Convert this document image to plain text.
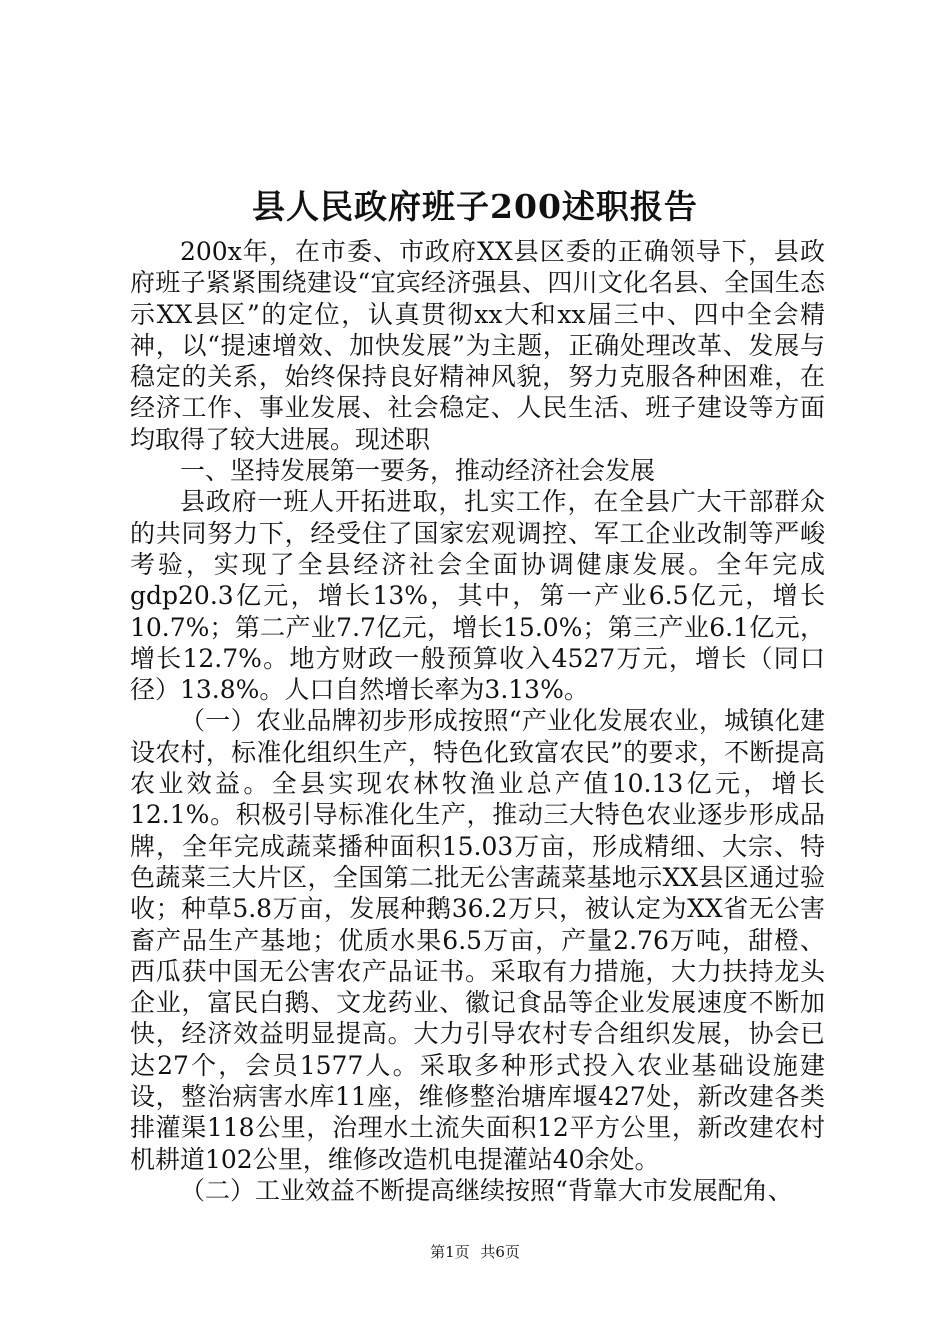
县人民政府班子200述职报告

200x年，在市委、市政府XX县区委的正确领导下，县政府班子紧紧围绕建设“宜宾经济强县、四川文化名县、全国生态示XX县区”的定位，认真贯彻xx大和xx届三中、四中全会精神，以“提速增效、加快发展”为主题，正确处理改革、发展与稳定的关系，始终保持良好精神风貌，努力克服各种困难，在经济工作、事业发展、社会稳定、人民生活、班子建设等方面均取得了较大进展。现述职

一、坚持发展第一要务，推动经济社会发展

县政府一班人开拓进取，扎实工作，在全县广大干部群众的共同努力下，经受住了国家宏观调控、军工企业改制等严峻考验，实现了全县经济社会全面协调健康发展。全年完成gdp20.3亿元，增长13%，其中，第一产业6.5亿元，增长10.7%；第二产业7.7亿元，增长15.0%；第三产业6.1亿元，增长12.7%。地方财政一般预算收入4527万元，增长（同口径）13.8%。人口自然增长率为3.13%。

（一）农业品牌初步形成按照“产业化发展农业，城镇化建设农村，标准化组织生产，特色化致富农民”的要求，不断提高农业效益。全县实现农林牧渔业总产值10.13亿元，增长12.1%。积极引导标准化生产，推动三大特色农业逐步形成品牌，全年完成蔬菜播种面积15.03万亩，形成精细、大宗、特色蔬菜三大片区，全国第二批无公害蔬菜基地示XX县区通过验收；种草5.8万亩，发展种鹅36.2万只，被认定为XX省无公害畜产品生产基地；优质水果6.5万亩，产量2.76万吨，甜橙、西瓜获中国无公害农产品证书。采取有力措施，大力扶持龙头企业，富民白鹅、文龙药业、徽记食品等企业发展速度不断加快，经济效益明显提高。大力引导农村专合组织发展，协会已达27个，会员1577人。采取多种形式投入农业基础设施建设，整治病害水库11座，维修整治塘库堰427处，新改建各类排灌渠118公里，治理水土流失面积12平方公里，新改建农村机耕道102公里，维修改造机电提灌站40余处。

（二）工业效益不断提高继续按照“背靠大市发展配角、

第1页 共6页
